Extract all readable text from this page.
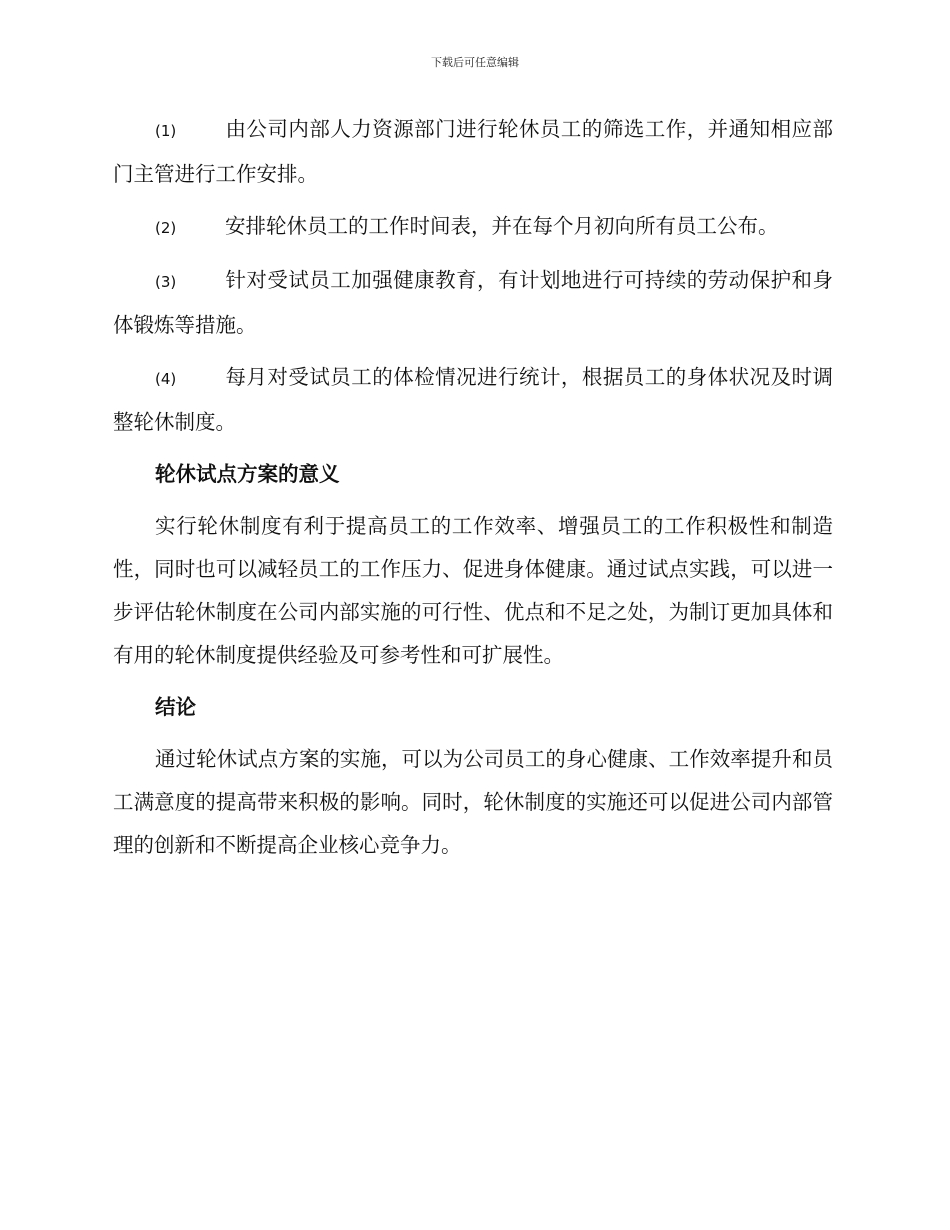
下载后可任意编辑

(1) 由公司内部人力资源部门进行轮休员工的筛选工作，并通知相应部门主管进行工作安排。

(2) 安排轮休员工的工作时间表，并在每个月初向所有员工公布。

(3) 针对受试员工加强健康教育，有计划地进行可持续的劳动保护和身体锻炼等措施。

(4) 每月对受试员工的体检情况进行统计，根据员工的身体状况及时调整轮休制度。

轮休试点方案的意义

实行轮休制度有利于提高员工的工作效率、增强员工的工作积极性和制造性，同时也可以减轻员工的工作压力、促进身体健康。通过试点实践，可以进一步评估轮休制度在公司内部实施的可行性、优点和不足之处，为制订更加具体和有用的轮休制度提供经验及可参考性和可扩展性。

结论

通过轮休试点方案的实施，可以为公司员工的身心健康、工作效率提升和员工满意度的提高带来积极的影响。同时，轮休制度的实施还可以促进公司内部管理的创新和不断提高企业核心竞争力。
